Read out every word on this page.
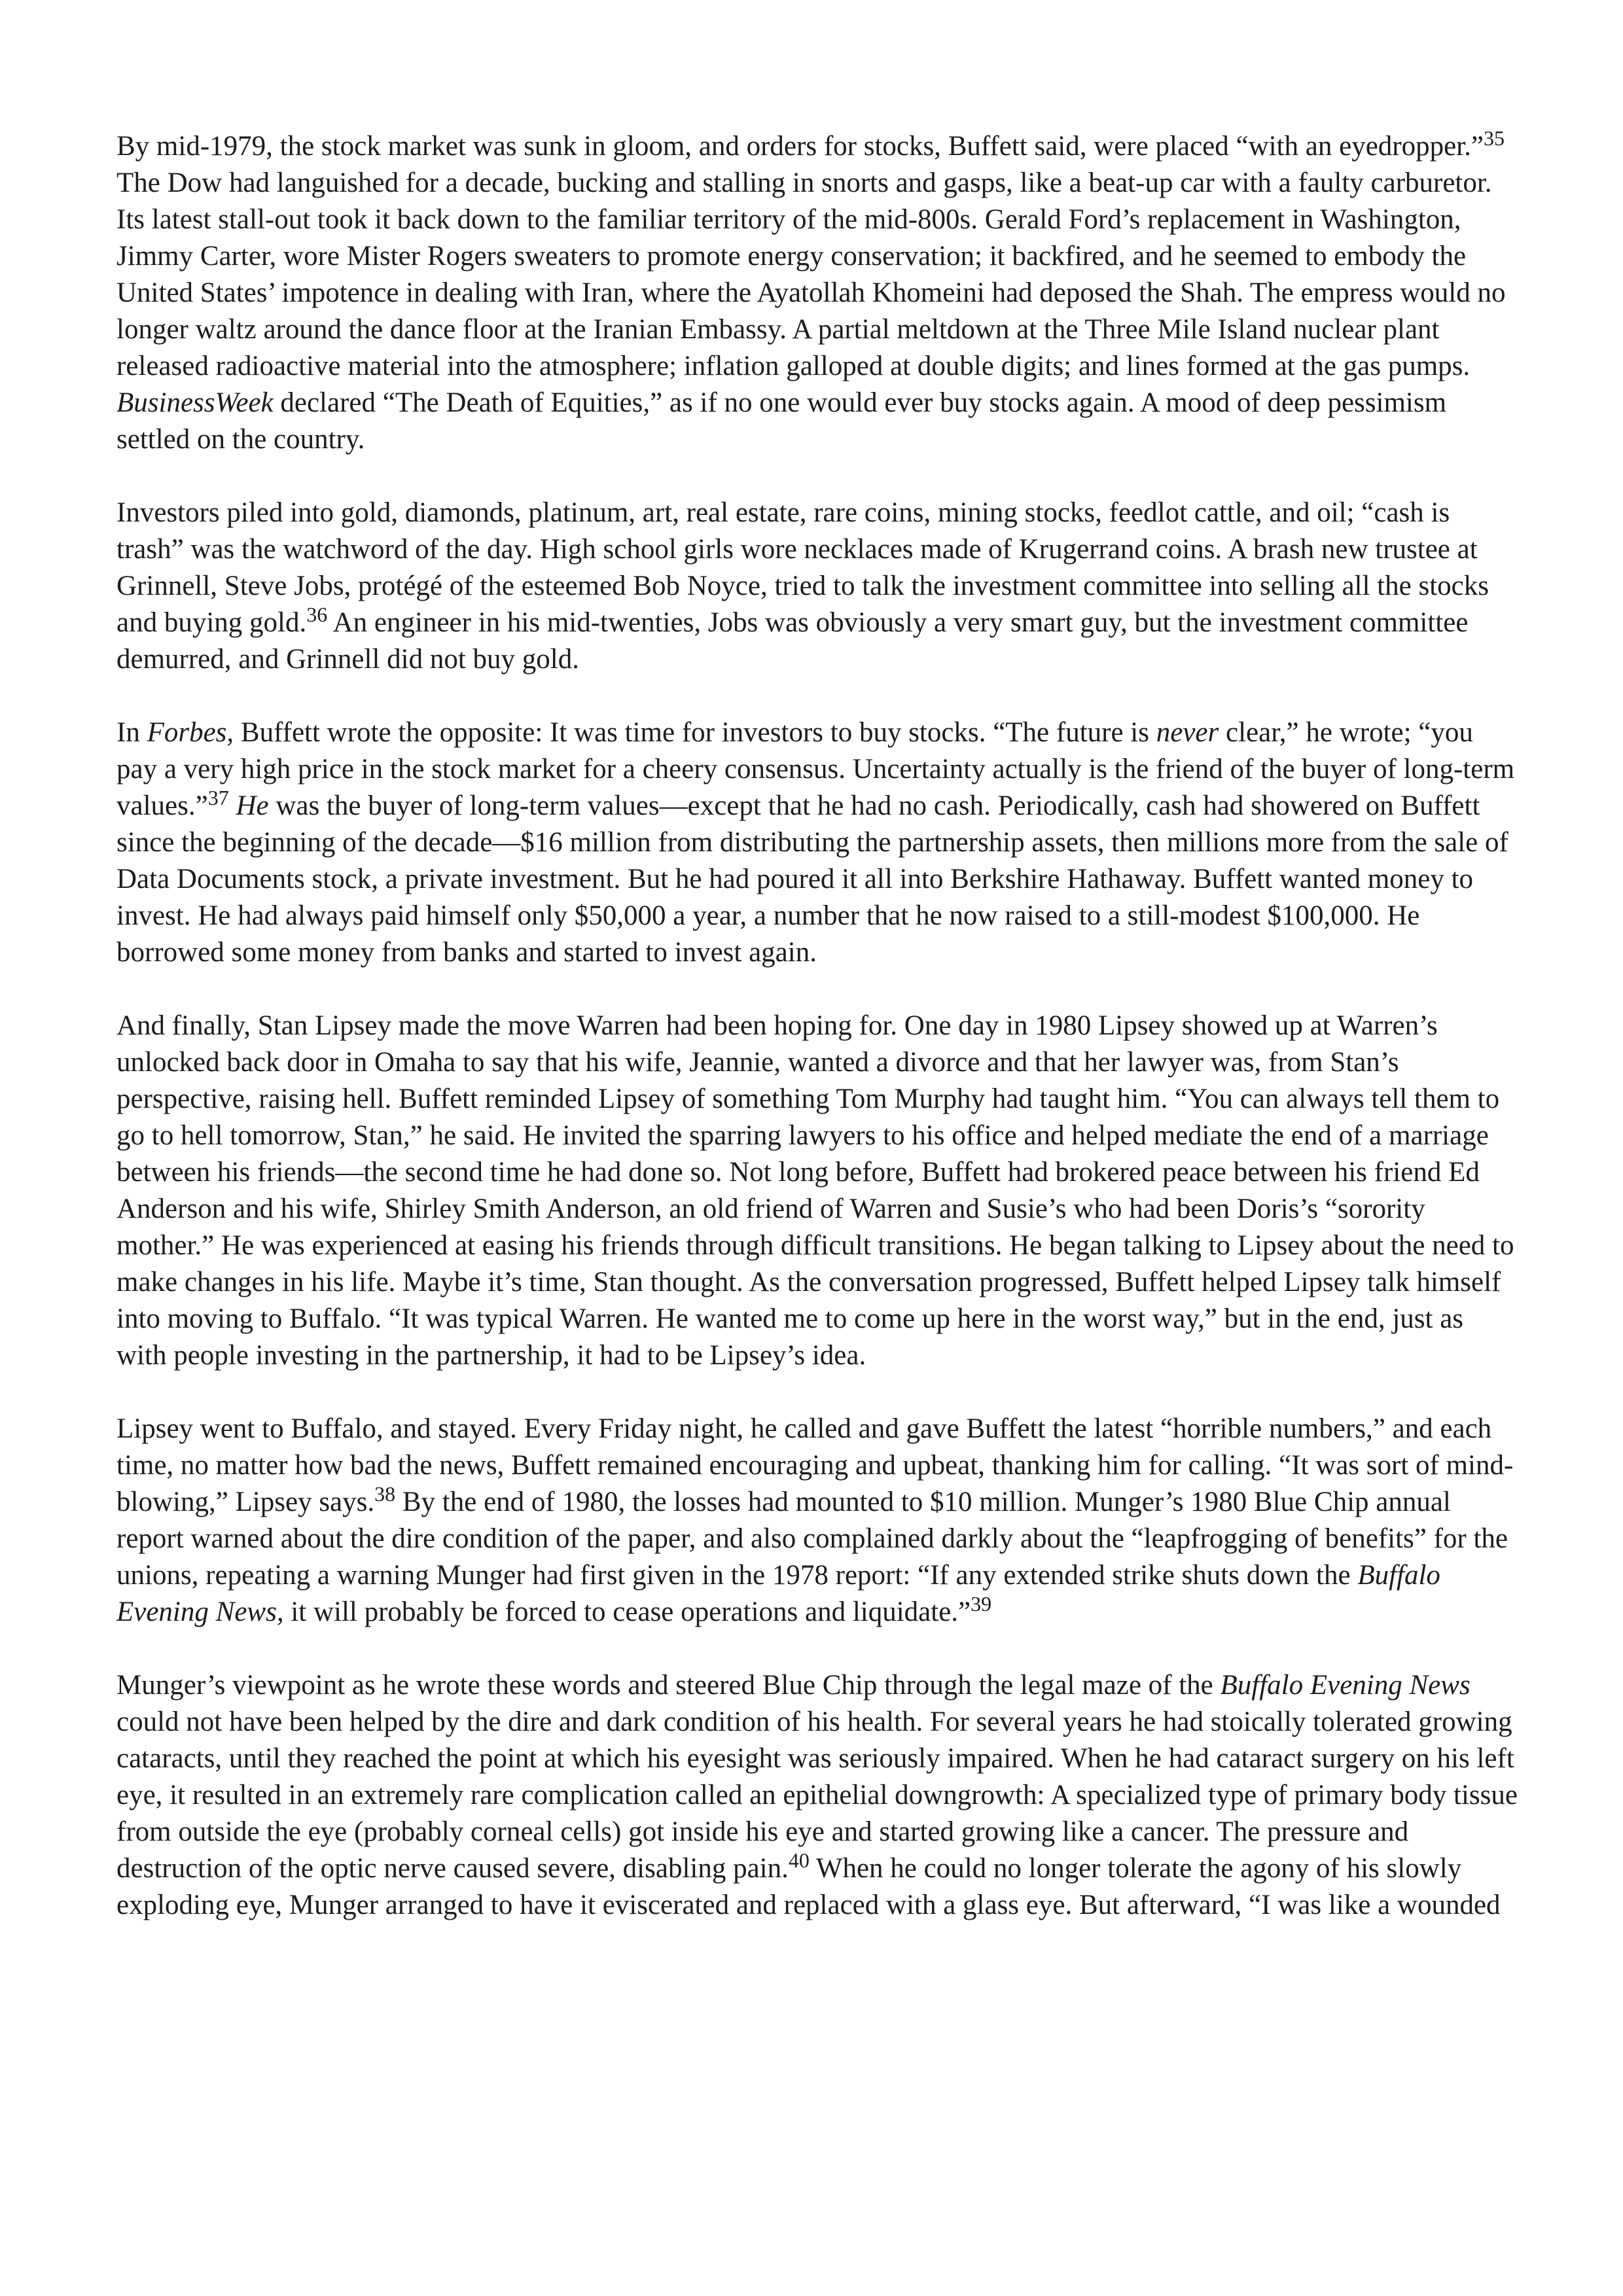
By mid-1979, the stock market was sunk in gloom, and orders for stocks, Buffett said, were placed “with an eyedropper.”$^{35}$ The Dow had languished for a decade, bucking and stalling in snorts and gasps, like a beat-up car with a faulty carburetor. Its latest stall-out took it back down to the familiar territory of the mid-800s. Gerald Ford’s replacement in Washington, Jimmy Carter, wore Mister Rogers sweaters to promote energy conservation; it backfired, and he seemed to embody the United States’ impotence in dealing with Iran, where the Ayatollah Khomeini had deposed the Shah. The empress would no longer waltz around the dance floor at the Iranian Embassy. A partial meltdown at the Three Mile Island nuclear plant released radioactive material into the atmosphere; inflation galloped at double digits; and lines formed at the gas pumps. BusinessWeek declared “The Death of Equities,” as if no one would ever buy stocks again. A mood of deep pessimism settled on the country.

Investors piled into gold, diamonds, platinum, art, real estate, rare coins, mining stocks, feedlot cattle, and oil; “cash is trash” was the watchword of the day. High school girls wore necklaces made of Krugerrand coins. A brash new trustee at Grinnell, Steve Jobs, protégé of the esteemed Bob Noyce, tried to talk the investment committee into selling all the stocks and buying gold.$^{36}$ An engineer in his mid-twenties, Jobs was obviously a very smart guy, but the investment committee demurred, and Grinnell did not buy gold.

In Forbes, Buffett wrote the opposite: It was time for investors to buy stocks. “The future is never clear,” he wrote; “you pay a very high price in the stock market for a cheery consensus. Uncertainty actually is the friend of the buyer of long-term values.”$^{37}$ He was the buyer of long-term values—except that he had no cash. Periodically, cash had showered on Buffett since the beginning of the decade—$16 million from distributing the partnership assets, then millions more from the sale of Data Documents stock, a private investment. But he had poured it all into Berkshire Hathaway. Buffett wanted money to invest. He had always paid himself only $50,000 a year, a number that he now raised to a still-modest $100,000. He borrowed some money from banks and started to invest again.

And finally, Stan Lipsey made the move Warren had been hoping for. One day in 1980 Lipsey showed up at Warren’s unlocked back door in Omaha to say that his wife, Jeannie, wanted a divorce and that her lawyer was, from Stan’s perspective, raising hell. Buffett reminded Lipsey of something Tom Murphy had taught him. “You can always tell them to go to hell tomorrow, Stan,” he said. He invited the sparring lawyers to his office and helped mediate the end of a marriage between his friends—the second time he had done so. Not long before, Buffett had brokered peace between his friend Ed Anderson and his wife, Shirley Smith Anderson, an old friend of Warren and Susie’s who had been Doris’s “sorority mother.” He was experienced at easing his friends through difficult transitions. He began talking to Lipsey about the need to make changes in his life. Maybe it’s time, Stan thought. As the conversation progressed, Buffett helped Lipsey talk himself into moving to Buffalo. “It was typical Warren. He wanted me to come up here in the worst way,” but in the end, just as with people investing in the partnership, it had to be Lipsey’s idea.

Lipsey went to Buffalo, and stayed. Every Friday night, he called and gave Buffett the latest “horrible numbers,” and each time, no matter how bad the news, Buffett remained encouraging and upbeat, thanking him for calling. “It was sort of mind-blowing,” Lipsey says.$^{38}$ By the end of 1980, the losses had mounted to $10 million. Munger’s 1980 Blue Chip annual report warned about the dire condition of the paper, and also complained darkly about the “leapfrogging of benefits” for the unions, repeating a warning Munger had first given in the 1978 report: “If any extended strike shuts down the Buffalo Evening News, it will probably be forced to cease operations and liquidate.”$^{39}$

Munger’s viewpoint as he wrote these words and steered Blue Chip through the legal maze of the Buffalo Evening News could not have been helped by the dire and dark condition of his health. For several years he had stoically tolerated growing cataracts, until they reached the point at which his eyesight was seriously impaired. When he had cataract surgery on his left eye, it resulted in an extremely rare complication called an epithelial downgrowth: A specialized type of primary body tissue from outside the eye (probably corneal cells) got inside his eye and started growing like a cancer. The pressure and destruction of the optic nerve caused severe, disabling pain.$^{40}$ When he could no longer tolerate the agony of his slowly exploding eye, Munger arranged to have it eviscerated and replaced with a glass eye. But afterward, “I was like a wounded
